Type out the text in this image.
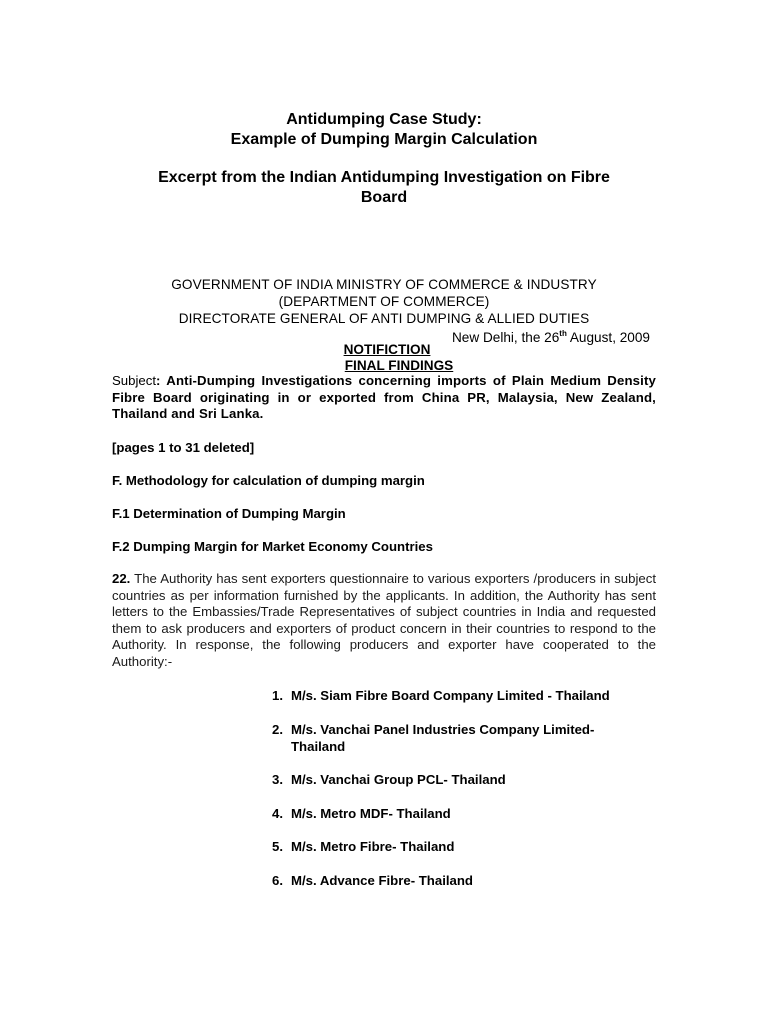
Antidumping Case Study:
Example of Dumping Margin Calculation
Excerpt from the Indian Antidumping Investigation on Fibre
Board
GOVERNMENT OF INDIA MINISTRY OF COMMERCE & INDUSTRY
(DEPARTMENT OF COMMERCE)
DIRECTORATE GENERAL OF ANTI DUMPING & ALLIED DUTIES
New Delhi, the 26th August, 2009
NOTIFICTION
FINAL FINDINGS
Subject: Anti-Dumping Investigations concerning imports of Plain Medium Density Fibre Board originating in or exported from China PR, Malaysia, New Zealand, Thailand and Sri Lanka.
[pages 1 to 31 deleted]
F. Methodology for calculation of dumping margin
F.1 Determination of Dumping Margin
F.2 Dumping Margin for Market Economy Countries
22. The Authority has sent exporters questionnaire to various exporters /producers in subject countries as per information furnished by the applicants. In addition, the Authority has sent letters to the Embassies/Trade Representatives of subject countries in India and requested them to ask producers and exporters of product concern in their countries to respond to the Authority. In response, the following producers and exporter have cooperated to the Authority:-
1. M/s. Siam Fibre Board Company Limited - Thailand
2. M/s. Vanchai Panel Industries Company Limited- Thailand
3. M/s. Vanchai Group PCL- Thailand
4. M/s. Metro MDF- Thailand
5. M/s. Metro Fibre- Thailand
6. M/s. Advance Fibre- Thailand
